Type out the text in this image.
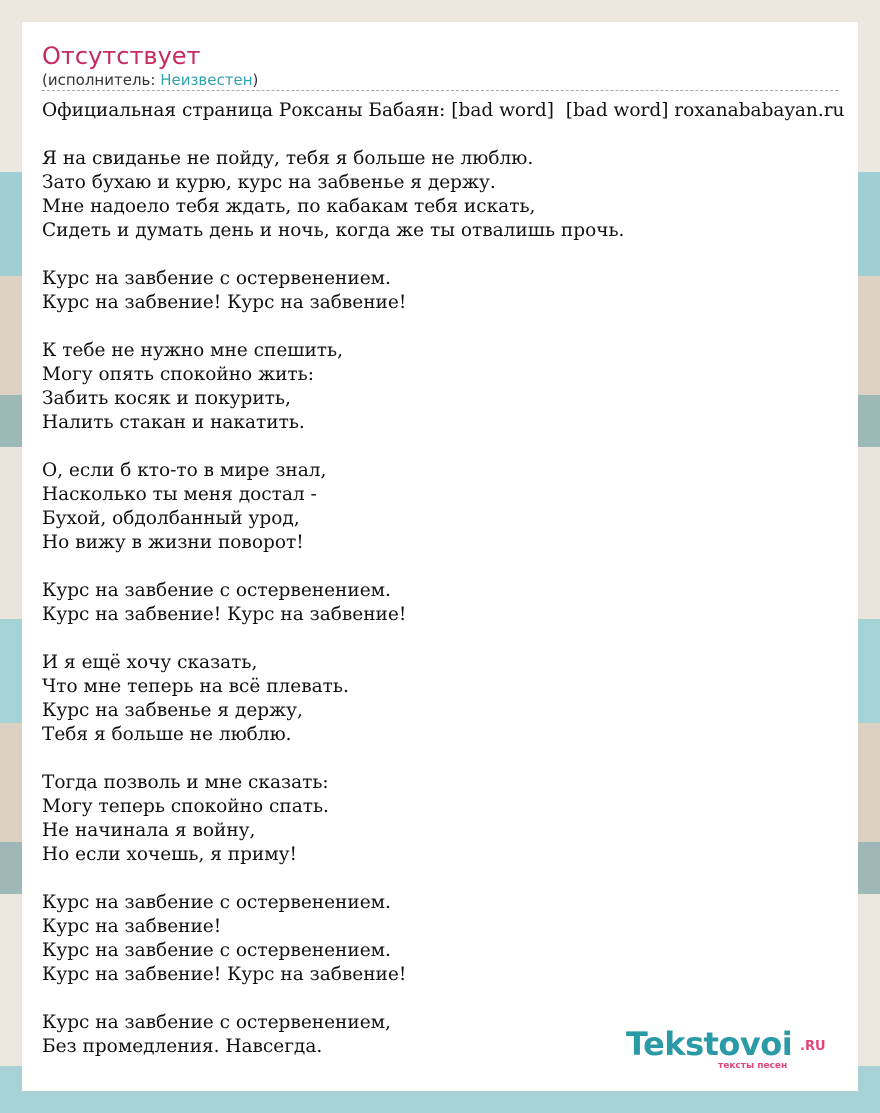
Отсутствует
(исполнитель: Неизвестен)
Официальная страница Роксаны Бабаян: [bad word]  [bad word] roxanababayan.ru

Я на свиданье не пойду, тебя я больше не люблю.
Зато бухаю и курю, курс на забвенье я держу.
Мне надоело тебя ждать, по кабакам тебя искать,
Сидеть и думать день и ночь, когда же ты отвалишь прочь.

Курс на завбение с остервенением.
Курс на забвение! Курс на забвение!

К тебе не нужно мне спешить,
Могу опять спокойно жить:
Забить косяк и покурить,
Налить стакан и накатить.

О, если б кто-то в мире знал,
Насколько ты меня достал -
Бухой, обдолбанный урод,
Но вижу в жизни поворот!

Курс на завбение с остервенением.
Курс на забвение! Курс на забвение!

И я ещё хочу сказать,
Что мне теперь на всё плевать.
Курс на забвенье я держу,
Тебя я больше не люблю.

Тогда позволь и мне сказать:
Могу теперь спокойно спать.
Не начинала я войну,
Но если хочешь, я приму!

Курс на завбение с остервенением.
Курс на забвение!
Курс на завбение с остервенением.
Курс на забвение! Курс на забвение!

Курс на завбение с остервенением,
Без промедления. Навсегда.	Tekstovoi .RU
тексты песен
